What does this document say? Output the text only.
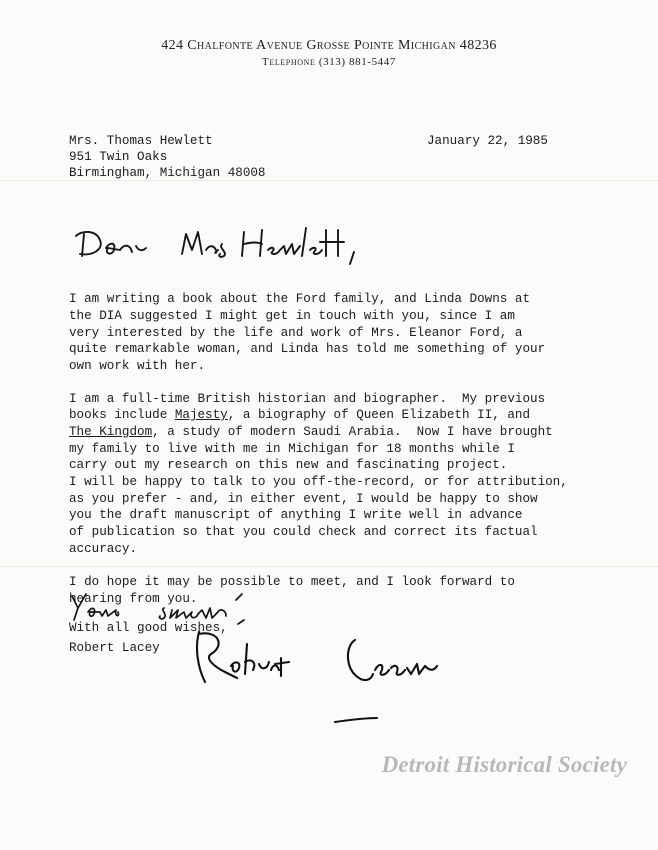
424 Chalfonte Avenue Grosse Pointe Michigan 48236
Telephone (313) 881-5447
Mrs. Thomas Hewlett
951 Twin Oaks
Birmingham, Michigan 48008
January 22, 1985
I am writing a book about the Ford family, and Linda Downs at
the DIA suggested I might get in touch with you, since I am
very interested by the life and work of Mrs. Eleanor Ford, a
quite remarkable woman, and Linda has told me something of your
own work with her.
I am a full-time British historian and biographer.  My previous
books include Majesty, a biography of Queen Elizabeth II, and
The Kingdom, a study of modern Saudi Arabia.  Now I have brought
my family to live with me in Michigan for 18 months while I
carry out my research on this new and fascinating project.
I will be happy to talk to you off-the-record, or for attribution,
as you prefer - and, in either event, I would be happy to show
you the draft manuscript of anything I write well in advance
of publication so that you could check and correct its factual
accuracy.
I do hope it may be possible to meet, and I look forward to
hearing from you.
With all good wishes,
Robert Lacey
Detroit Historical Society
